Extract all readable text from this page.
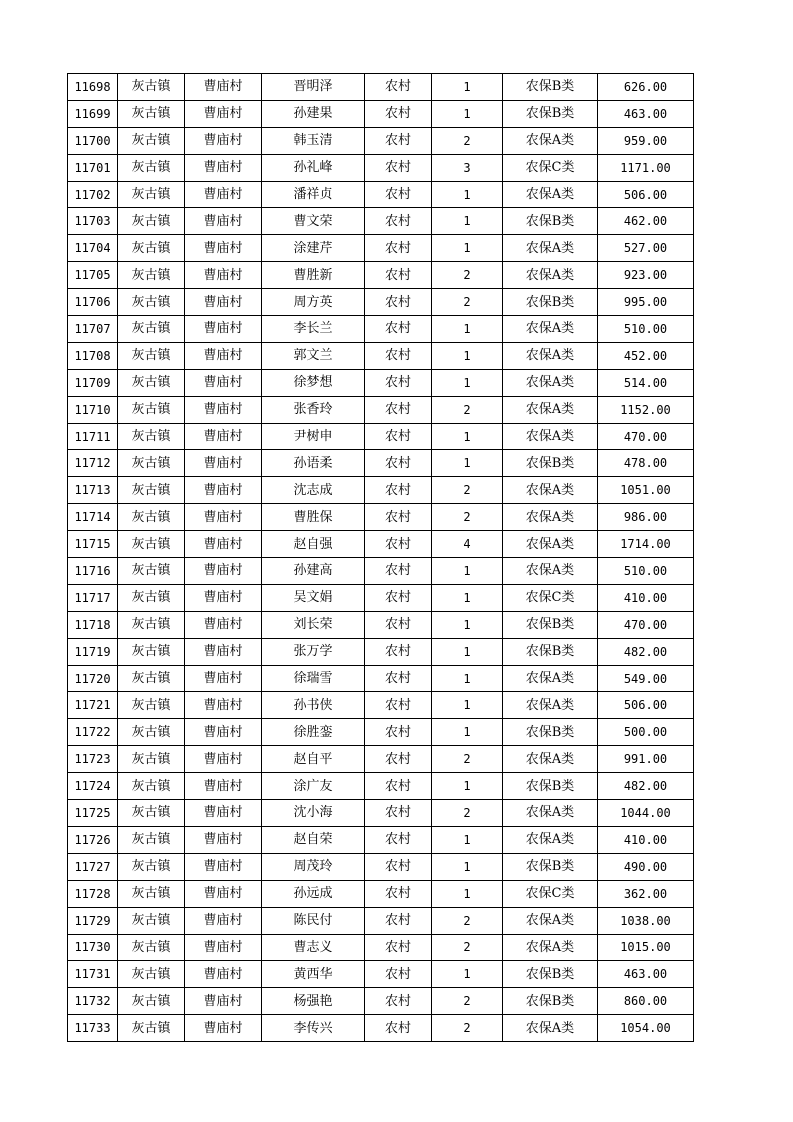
11698	灰古镇	曹庙村	晋明泽	农村	1	农保B类	626.00
11699	灰古镇	曹庙村	孙建果	农村	1	农保B类	463.00
11700	灰古镇	曹庙村	韩玉清	农村	2	农保A类	959.00
11701	灰古镇	曹庙村	孙礼峰	农村	3	农保C类	1171.00
11702	灰古镇	曹庙村	潘祥贞	农村	1	农保A类	506.00
11703	灰古镇	曹庙村	曹文荣	农村	1	农保B类	462.00
11704	灰古镇	曹庙村	涂建芹	农村	1	农保A类	527.00
11705	灰古镇	曹庙村	曹胜新	农村	2	农保A类	923.00
11706	灰古镇	曹庙村	周方英	农村	2	农保B类	995.00
11707	灰古镇	曹庙村	李长兰	农村	1	农保A类	510.00
11708	灰古镇	曹庙村	郭文兰	农村	1	农保A类	452.00
11709	灰古镇	曹庙村	徐梦想	农村	1	农保A类	514.00
11710	灰古镇	曹庙村	张香玲	农村	2	农保A类	1152.00
11711	灰古镇	曹庙村	尹树申	农村	1	农保A类	470.00
11712	灰古镇	曹庙村	孙语柔	农村	1	农保B类	478.00
11713	灰古镇	曹庙村	沈志成	农村	2	农保A类	1051.00
11714	灰古镇	曹庙村	曹胜保	农村	2	农保A类	986.00
11715	灰古镇	曹庙村	赵自强	农村	4	农保A类	1714.00
11716	灰古镇	曹庙村	孙建高	农村	1	农保A类	510.00
11717	灰古镇	曹庙村	吴文娟	农村	1	农保C类	410.00
11718	灰古镇	曹庙村	刘长荣	农村	1	农保B类	470.00
11719	灰古镇	曹庙村	张万学	农村	1	农保B类	482.00
11720	灰古镇	曹庙村	徐瑞雪	农村	1	农保A类	549.00
11721	灰古镇	曹庙村	孙书侠	农村	1	农保A类	506.00
11722	灰古镇	曹庙村	徐胜銮	农村	1	农保B类	500.00
11723	灰古镇	曹庙村	赵自平	农村	2	农保A类	991.00
11724	灰古镇	曹庙村	涂广友	农村	1	农保B类	482.00
11725	灰古镇	曹庙村	沈小海	农村	2	农保A类	1044.00
11726	灰古镇	曹庙村	赵自荣	农村	1	农保A类	410.00
11727	灰古镇	曹庙村	周茂玲	农村	1	农保B类	490.00
11728	灰古镇	曹庙村	孙远成	农村	1	农保C类	362.00
11729	灰古镇	曹庙村	陈民付	农村	2	农保A类	1038.00
11730	灰古镇	曹庙村	曹志义	农村	2	农保A类	1015.00
11731	灰古镇	曹庙村	黄西华	农村	1	农保B类	463.00
11732	灰古镇	曹庙村	杨强艳	农村	2	农保B类	860.00
11733	灰古镇	曹庙村	李传兴	农村	2	农保A类	1054.00
